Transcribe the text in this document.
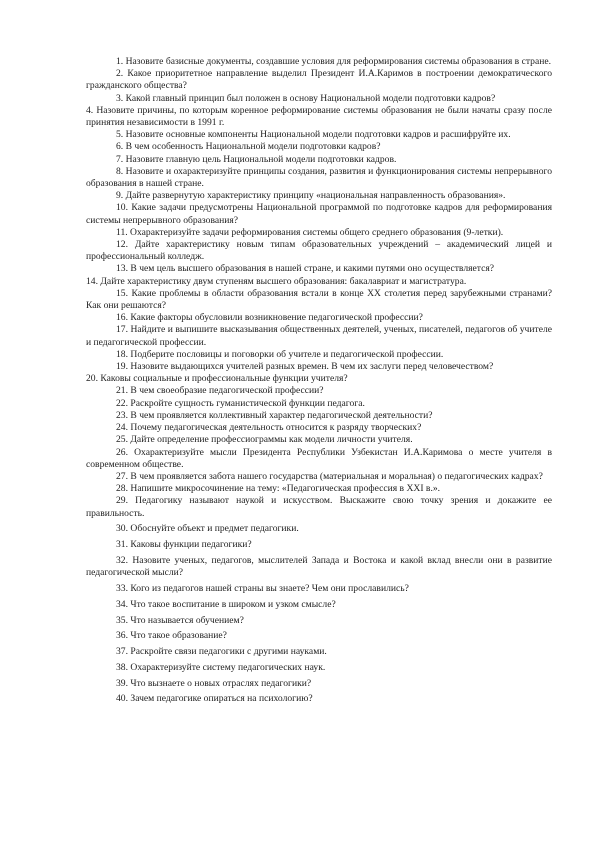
1. Назовите базисные документы, создавшие условия для реформирования системы образования в стране.

2. Какое приоритетное направление выделил Президент И.А.Каримов в построении демократического гражданского общества?

3. Какой главный принцип был положен в основу Национальной модели подготовки кадров?

4. Назовите причины, по которым коренное реформирование системы образования не были начаты сразу после принятия независимости в 1991 г.

5. Назовите основные компоненты Национальной модели подготовки кадров и расшифруйте их.

6. В чем особенность Национальной модели подготовки кадров?

7. Назовите главную цель Национальной модели подготовки кадров.

8. Назовите и охарактеризуйте принципы создания, развития и функционирования системы непрерывного образования в нашей стране.

9. Дайте развернутую характеристику принципу «национальная направленность образования».

10. Какие задачи предусмотрены Национальной программой по подготовке кадров для реформирования системы непрерывного образования?

11. Охарактеризуйте задачи реформирования системы общего среднего образования (9-летки).

12. Дайте характеристику новым типам образовательных учреждений – академический лицей и профессиональный колледж.

13. В чем цель высшего образования в нашей стране, и какими путями оно осуществляется?

14. Дайте характеристику двум ступеням высшего образования: бакалавриат и магистратура.

15. Какие проблемы в области образования встали в конце XX столетия перед зарубежными странами? Как они решаются?

16. Какие факторы обусловили возникновение педагогической профессии?

17. Найдите и выпишите высказывания общественных деятелей, ученых, писателей, педагогов об учителе и педагогической профессии.

18. Подберите пословицы и поговорки об учителе и педагогической профессии.

19. Назовите выдающихся учителей разных времен. В чем их заслуги перед человечеством?

20. Каковы социальные и профессиональные функции учителя?

21. В чем своеобразие педагогической профессии?

22. Раскройте сущность гуманистической функции педагога.

23. В чем проявляется коллективный характер педагогической деятельности?

24. Почему педагогическая деятельность относится к разряду творческих?

25. Дайте определение профессиограммы как модели личности учителя.

26. Охарактеризуйте мысли Президента Республики Узбекистан И.А.Каримова о месте учителя в современном обществе.

27. В чем проявляется забота нашего государства (материальная и моральная) о педагогических кадрах?

28. Напишите микросочинение на тему: «Педагогическая профессия в XXI в.».

29. Педагогику называют наукой и искусством. Выскажите свою точку зрения и докажите ее правильность.

30. Обоснуйте объект и предмет педагогики.

31. Каковы функции педагогики?

32. Назовите ученых, педагогов, мыслителей Запада и Востока и какой вклад внесли они в развитие педагогической мысли?

33. Кого из педагогов нашей страны вы знаете? Чем они прославились?

34. Что такое воспитание в широком и узком смысле?

35. Что называется обучением?

36. Что такое образование?

37. Раскройте связи педагогики с другими науками.

38. Охарактеризуйте систему педагогических наук.

39. Что вызнаете о новых отраслях педагогики?

40. Зачем педагогике опираться на психологию?
